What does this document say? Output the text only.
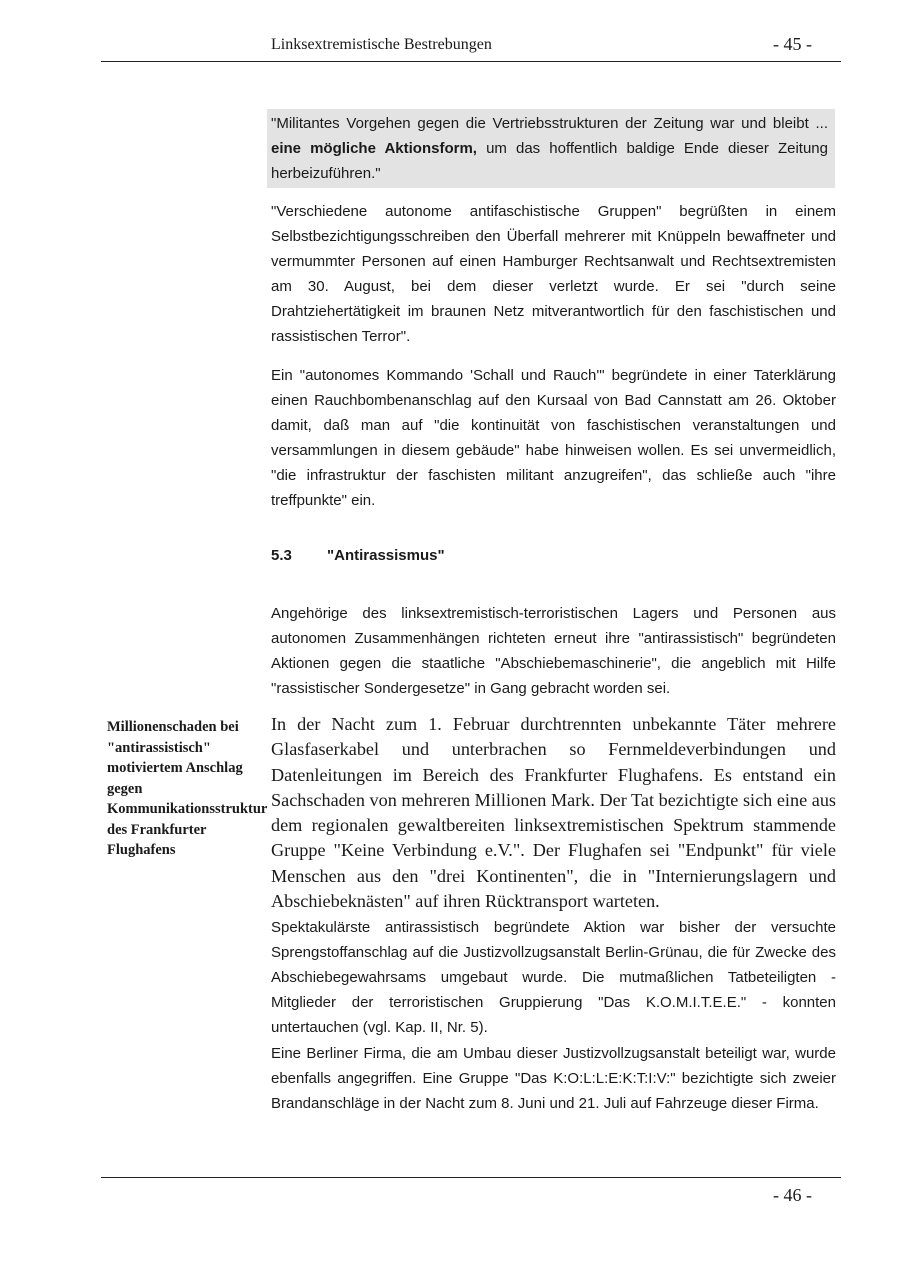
Linksextremistische Bestrebungen	- 45 -
"Militantes Vorgehen gegen die Vertriebsstrukturen der Zeitung war und bleibt ... eine mögliche Aktionsform, um das hoffentlich baldige Ende dieser Zeitung herbeizuführen."

"Verschiedene autonome antifaschistische Gruppen" begrüßten in einem Selbstbezichtigungsschreiben den Überfall mehrerer mit Knüppeln bewaffneter und vermummter Personen auf einen Hamburger Rechtsanwalt und Rechtsextremisten am 30. August, bei dem dieser verletzt wurde. Er sei "durch seine Drahtziehertätigkeit im braunen Netz mitverantwortlich für den faschistischen und rassistischen Terror".

Ein "autonomes Kommando 'Schall und Rauch'" begründete in einer Taterklärung einen Rauchbombenanschlag auf den Kursaal von Bad Cannstatt am 26. Oktober damit, daß man auf "die kontinuität von faschistischen veranstaltungen und versammlungen in diesem gebäude" habe hinweisen wollen. Es sei unvermeidlich, "die infrastruktur der faschisten militant anzugreifen", das schließe auch "ihre treffpunkte" ein.

5.3 "Antirassismus"

Angehörige des linksextremistisch-terroristischen Lagers und Personen aus autonomen Zusammenhängen richteten erneut ihre "antirassistisch" begründeten Aktionen gegen die staatliche "Abschiebemaschinerie", die angeblich mit Hilfe "rassistischer Sondergesetze" in Gang gebracht worden sei.

Millionenschaden bei "antirassistisch" motiviertem Anschlag gegen Kommunikationsstruktur des Frankfurter Flughafens

In der Nacht zum 1. Februar durchtrennten unbekannte Täter mehrere Glasfaserkabel und unterbrachen so Fernmeldeverbindungen und Datenleitungen im Bereich des Frankfurter Flughafens. Es entstand ein Sachschaden von mehreren Millionen Mark. Der Tat bezichtigte sich eine aus dem regionalen gewaltbereiten linksextremistischen Spektrum stammende Gruppe "Keine Verbindung e.V.". Der Flughafen sei "Endpunkt" für viele Menschen aus den "drei Kontinenten", die in "Internierungslagern und Abschiebeknästen" auf ihren Rücktransport warteten.

Spektakulärste antirassistisch begründete Aktion war bisher der versuchte Sprengstoffanschlag auf die Justizvollzugsanstalt Berlin-Grünau, die für Zwecke des Abschiebegewahrsams umgebaut wurde. Die mutmaßlichen Tatbeteiligten - Mitglieder der terroristischen Gruppierung "Das K.O.M.I.T.E.E." - konnten untertauchen (vgl. Kap. II, Nr. 5).

Eine Berliner Firma, die am Umbau dieser Justizvollzugsanstalt beteiligt war, wurde ebenfalls angegriffen. Eine Gruppe "Das K:O:L:L:E:K:T:I:V:" bezichtigte sich zweier Brandanschläge in der Nacht zum 8. Juni und 21. Juli auf Fahrzeuge dieser Firma.

- 46 -
